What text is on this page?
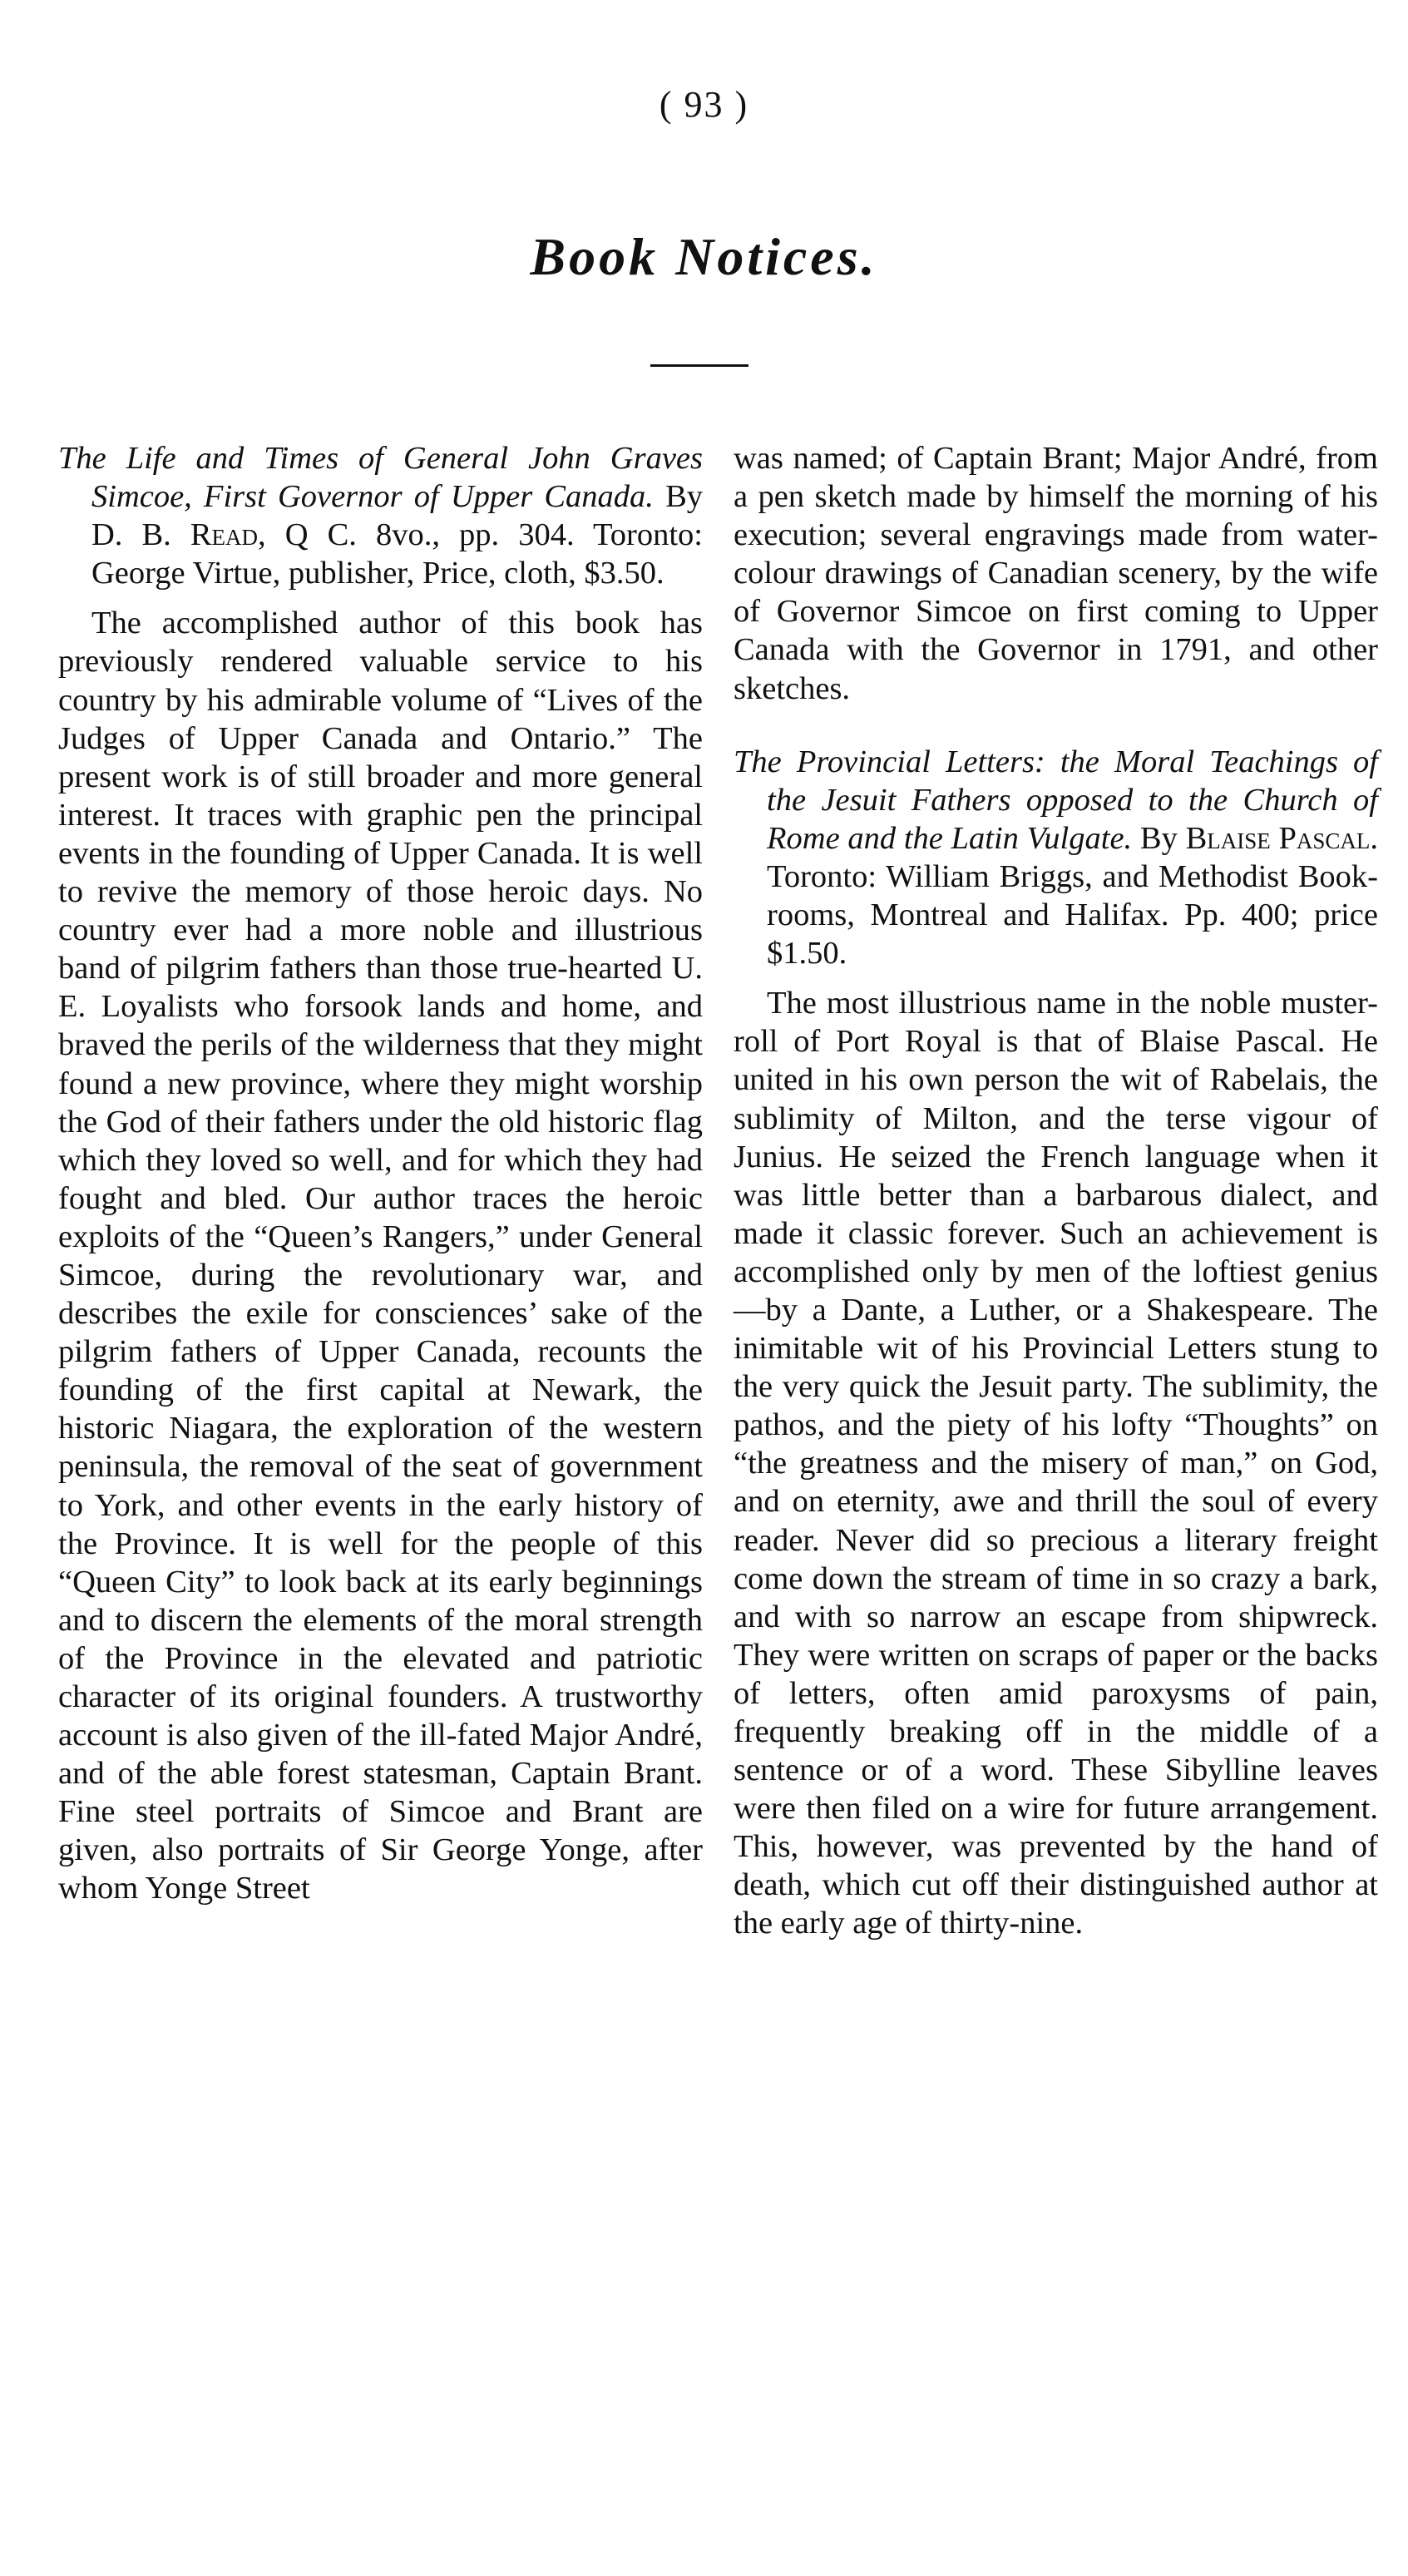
( 93 )
Book Notices.

The Life and Times of General John Graves Simcoe, First Governor of Upper Canada. By D. B. Read, Q C. 8vo., pp. 304. Toronto: George Virtue, publisher, Price, cloth, $3.50.

The accomplished author of this book has previously rendered valuable service to his country by his admirable volume of “Lives of the Judges of Upper Canada and Ontario.” The present work is of still broader and more general interest. It traces with graphic pen the principal events in the founding of Upper Canada. It is well to revive the memory of those heroic days. No country ever had a more noble and illustrious band of pilgrim fathers than those true-hearted U. E. Loyalists who forsook lands and home, and braved the perils of the wilderness that they might found a new province, where they might worship the God of their fathers under the old historic flag which they loved so well, and for which they had fought and bled. Our author traces the heroic exploits of the “Queen’s Rangers,” under General Simcoe, during the revolutionary war, and describes the exile for consciences’ sake of the pilgrim fathers of Upper Canada, recounts the founding of the first capital at Newark, the historic Niagara, the exploration of the western peninsula, the removal of the seat of government to York, and other events in the early history of the Province. It is well for the people of this “Queen City” to look back at its early beginnings and to discern the elements of the moral strength of the Province in the elevated and patriotic character of its original founders. A trustworthy account is also given of the ill-fated Major André, and of the able forest statesman, Captain Brant. Fine steel portraits of Simcoe and Brant are given, also portraits of Sir George Yonge, after whom Yonge Street

was named; of Captain Brant; Major André, from a pen sketch made by himself the morning of his execution; several engravings made from water-colour drawings of Canadian scenery, by the wife of Governor Simcoe on first coming to Upper Canada with the Governor in 1791, and other sketches.

The Provincial Letters: the Moral Teachings of the Jesuit Fathers opposed to the Church of Rome and the Latin Vulgate. By Blaise Pascal. Toronto: William Briggs, and Methodist Book-rooms, Montreal and Halifax. Pp. 400; price $1.50.

The most illustrious name in the noble muster-roll of Port Royal is that of Blaise Pascal. He united in his own person the wit of Rabelais, the sublimity of Milton, and the terse vigour of Junius. He seized the French language when it was little better than a barbarous dialect, and made it classic forever. Such an achievement is accomplished only by men of the loftiest genius—by a Dante, a Luther, or a Shakespeare. The inimitable wit of his Provincial Letters stung to the very quick the Jesuit party. The sublimity, the pathos, and the piety of his lofty “Thoughts” on “the greatness and the misery of man,” on God, and on eternity, awe and thrill the soul of every reader. Never did so precious a literary freight come down the stream of time in so crazy a bark, and with so narrow an escape from shipwreck. They were written on scraps of paper or the backs of letters, often amid paroxysms of pain, frequently breaking off in the middle of a sentence or of a word. These Sibylline leaves were then filed on a wire for future arrangement. This, however, was prevented by the hand of death, which cut off their distinguished author at the early age of thirty-nine.
